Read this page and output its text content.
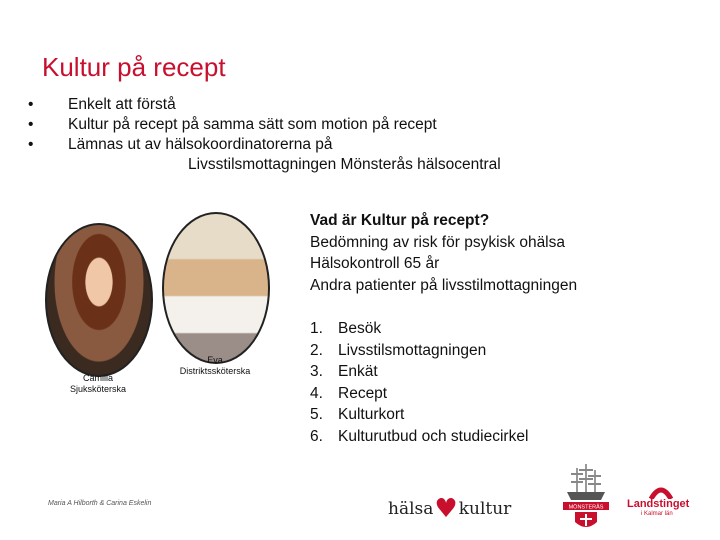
Kultur på recept
•	Enkelt att förstå
•	Kultur på recept på samma sätt som motion på recept
•	Lämnas ut av hälsokoordinatorerna på
Livsstilsmottagningen Mönsterås hälsocentral
Vad är Kultur på recept?
Bedömning av risk för psykisk ohälsa
Hälsokontroll 65 år
Andra patienter på livsstilmottagningen
1. Besök
2. Livsstilsmottagningen
3. Enkät
4. Recept
5. Kulturkort
6. Kulturutbud och studiecirkel
Camilla
Sjuksköterska
Eva
Distriktssköterska
Maria A Hilborth & Carina Eskelin	hälsa ♥ kultur	MÖNSTERÅS Landstinget
i Kalmar län
